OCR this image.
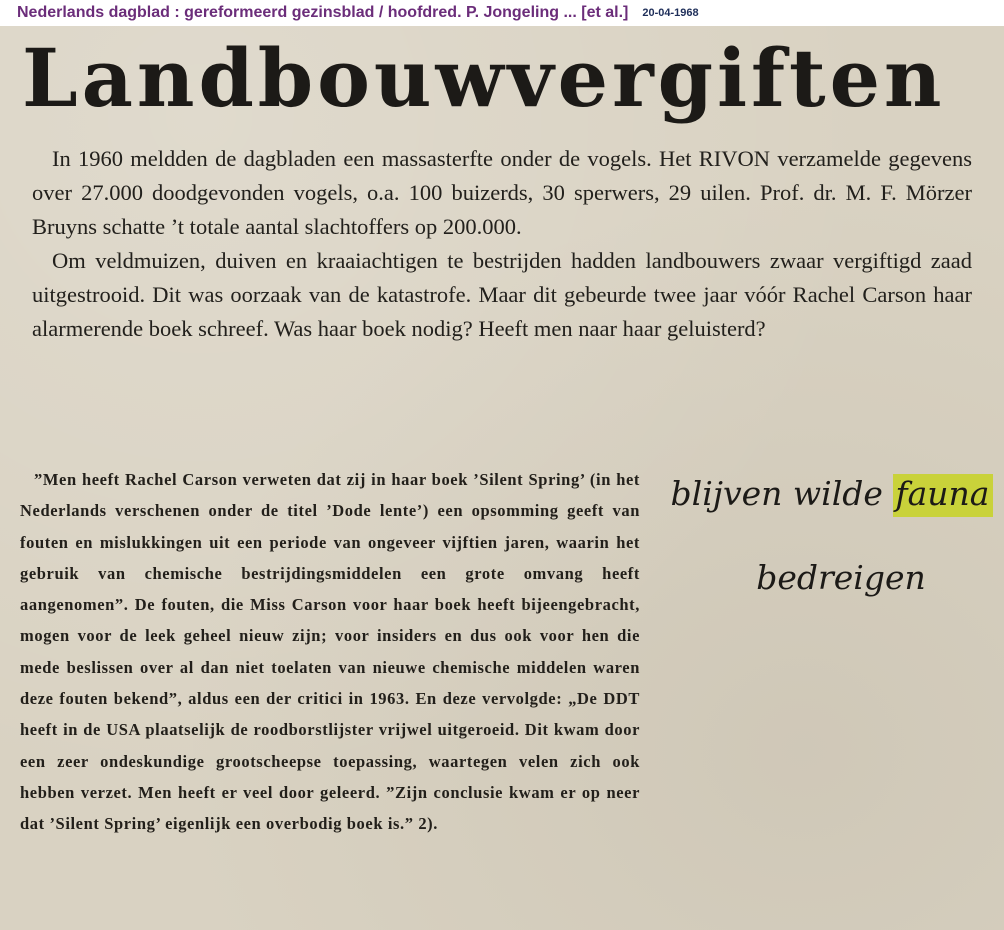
Nederlands dagblad : gereformeerd gezinsblad / hoofdred. P. Jongeling ... [et al.] 20-04-1968
Landbouwvergiften

In 1960 meldden de dagbladen een massasterfte onder de vogels. Het RIVON verzamelde gegevens over 27.000 doodgevonden vogels, o.a. 100 buizerds, 30 sperwers, 29 uilen. Prof. dr. M. F. Mörzer Bruyns schatte ’t totale aantal slachtoffers op 200.000.

Om veldmuizen, duiven en kraaiachtigen te bestrijden hadden landbouwers zwaar vergiftigd zaad uitgestrooid. Dit was oorzaak van de katastrofe. Maar dit gebeurde twee jaar vóór Rachel Carson haar alarmerende boek schreef. Was haar boek nodig? Heeft men naar haar geluisterd?

”Men heeft Rachel Carson verweten dat zij in haar boek ’Silent Spring’ (in het Nederlands verschenen onder de titel ’Dode lente’) een opsomming geeft van fouten en mislukkingen uit een periode van ongeveer vijftien jaren, waarin het gebruik van chemische bestrijdingsmiddelen een grote omvang heeft aangenomen”. De fouten, die Miss Carson voor haar boek heeft bijeengebracht, mogen voor de leek geheel nieuw zijn; voor insiders en dus ook voor hen die mede beslissen over al dan niet toelaten van nieuwe chemische middelen waren deze fouten bekend”, aldus een der critici in 1963. En deze vervolgde: „De DDT heeft in de USA plaatselijk de roodborstlijster vrijwel uitgeroeid. Dit kwam door een zeer ondeskundige grootscheepse toepassing, waartegen velen zich ook hebben verzet. Men heeft er veel door geleerd. ”Zijn conclusie kwam er op neer dat ’Silent Spring’ eigenlijk een overbodig boek is.” 2).

blijven wilde fauna
bedreigen
